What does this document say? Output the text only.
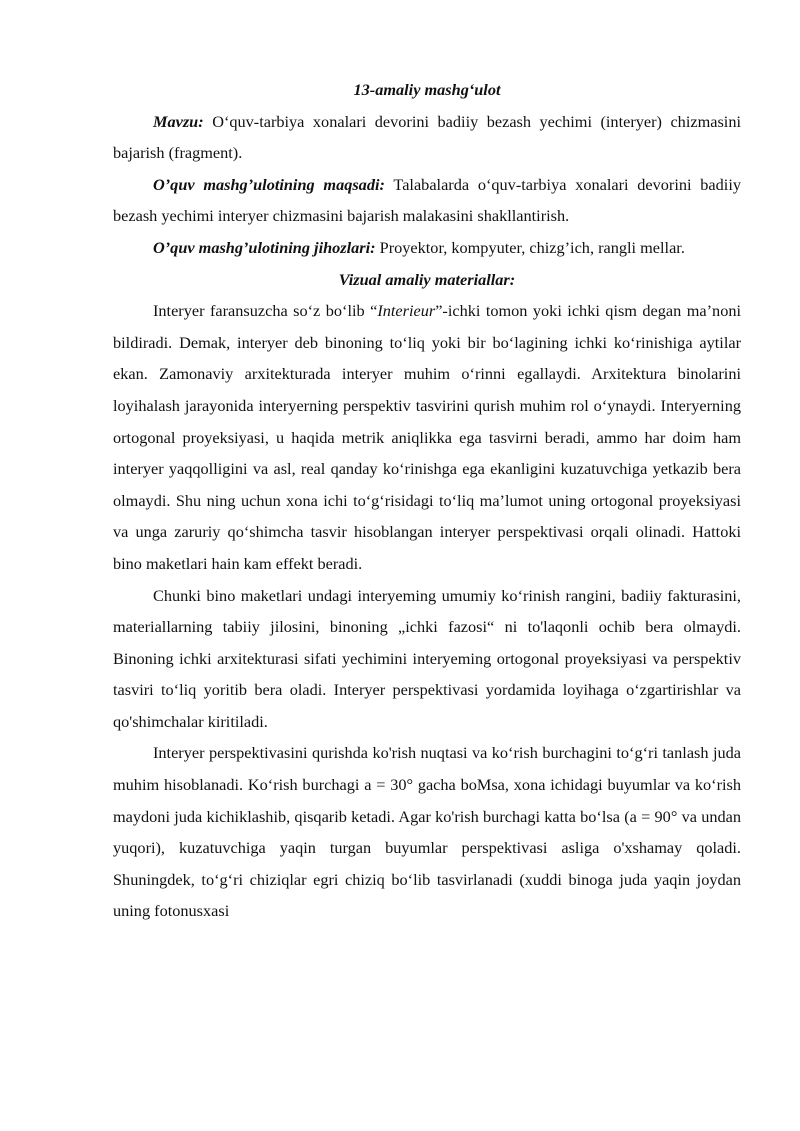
13-amaliy mashg‘ulot

Mavzu: O‘quv-tarbiya xonalari devorini badiiy bezash yechimi (interyer) chizmasini bajarish (fragment).

O’quv mashg’ulotining maqsadi: Talabalarda o‘quv-tarbiya xonalari devorini badiiy bezash yechimi interyer chizmasini bajarish malakasini shakllantirish.

O’quv mashg’ulotining jihozlari: Proyektor, kompyuter, chizg’ich, rangli mellar.

Vizual amaliy materiallar:

Interyer faransuzcha so‘z bo‘lib “Interieur”-ichki tomon yoki ichki qism degan ma’noni bildiradi. Demak, interyer deb binoning to‘liq yoki bir bo‘lagining ichki ko‘rinishiga aytilar ekan. Zamonaviy arxitekturada interyer muhim o‘rinni egallaydi. Arxitektura binolarini loyihalash jarayonida interyerning perspektiv tasvirini qurish muhim rol o‘ynaydi. Interyerning ortogonal proyeksiyasi, u haqida metrik aniqlikka ega tasvirni beradi, ammo har doim ham interyer yaqqolligini va asl, real qanday ko‘rinishga ega ekanligini kuzatuvchiga yetkazib bera olmaydi. Shu ning uchun xona ichi to‘g‘risidagi to‘liq ma’lumot uning ortogonal proyeksiyasi va unga zaruriy qo‘shimcha tasvir hisoblangan interyer perspektivasi orqali olinadi. Hattoki bino maketlari hain kam effekt beradi.

Chunki bino maketlari undagi interyeming umumiy ko‘rinish rangini, badiiy fakturasini, materiallarning tabiiy jilosini, binoning „ichki fazosi“ ni to'laqonli ochib bera olmaydi. Binoning ichki arxitekturasi sifati yechimini interyeming ortogonal proyeksiyasi va perspektiv tasviri to‘liq yoritib bera oladi. Interyer perspektivasi yordamida loyihaga o‘zgartirishlar va qo'shimchalar kiritiladi.

Interyer perspektivasini qurishda ko'rish nuqtasi va ko‘rish burchagini to‘g‘ri tanlash juda muhim hisoblanadi. Ko‘rish burchagi a = 30° gacha boMsa, xona ichidagi buyumlar va ko‘rish maydoni juda kichiklashib, qisqarib ketadi. Agar ko'rish burchagi katta bo‘lsa (a = 90° va undan yuqori), kuzatuvchiga yaqin turgan buyumlar perspektivasi asliga o'xshamay qoladi. Shuningdek, to‘g‘ri chiziqlar egri chiziq bo‘lib tasvirlanadi (xuddi binoga juda yaqin joydan uning fotonusxasi
